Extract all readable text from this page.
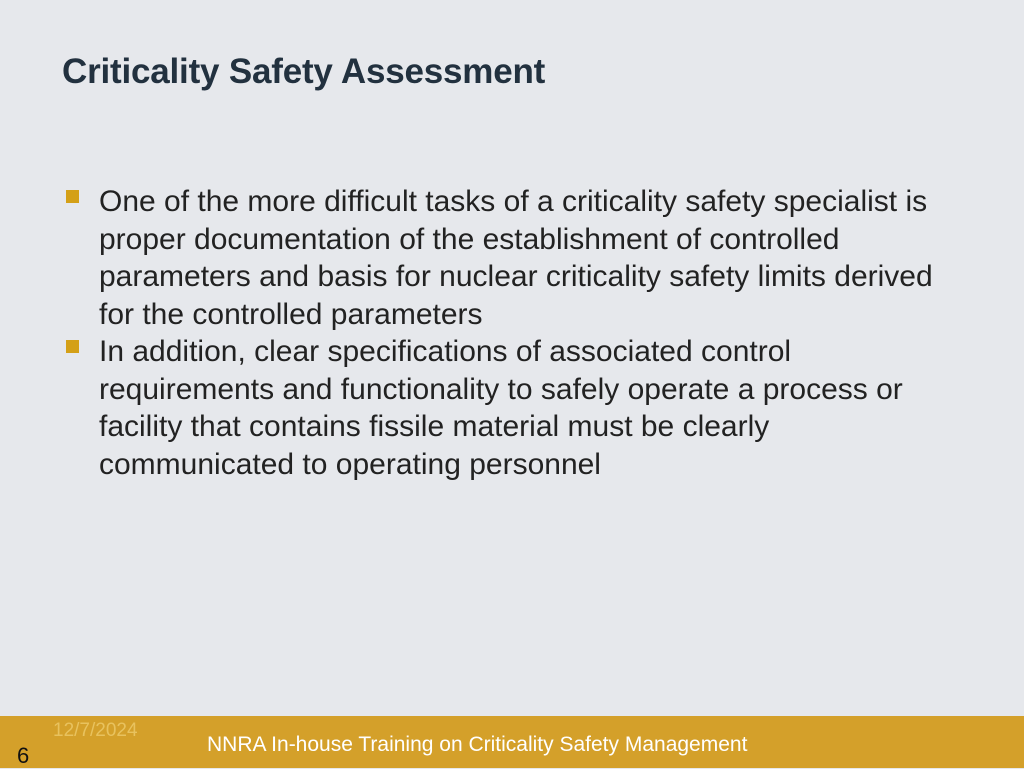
Criticality Safety Assessment
One of the more difficult tasks of a criticality safety specialist is proper documentation of the establishment of controlled parameters and basis for nuclear criticality safety limits derived for the controlled parameters
In addition, clear specifications of associated control requirements and functionality to safely operate a process or facility that contains fissile material must be clearly communicated to operating personnel
12/7/2024
NNRA In-house Training on Criticality Safety Management
6
